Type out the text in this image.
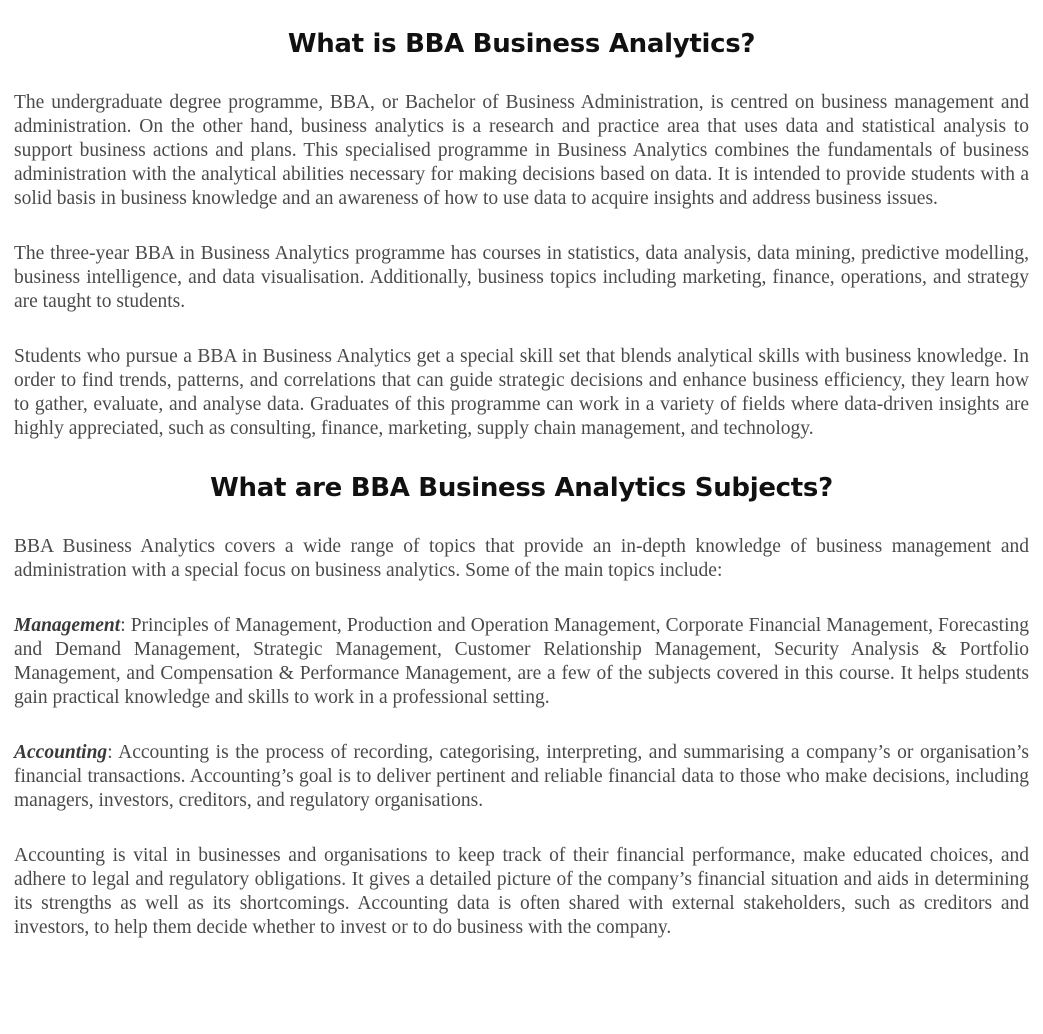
What is BBA Business Analytics?

The undergraduate degree programme, BBA, or Bachelor of Business Administration, is centred on business management and administration. On the other hand, business analytics is a research and practice area that uses data and statistical analysis to support business actions and plans. This specialised programme in Business Analytics combines the fundamentals of business administration with the analytical abilities necessary for making decisions based on data. It is intended to provide students with a solid basis in business knowledge and an awareness of how to use data to acquire insights and address business issues.

The three-year BBA in Business Analytics programme has courses in statistics, data analysis, data mining, predictive modelling, business intelligence, and data visualisation. Additionally, business topics including marketing, finance, operations, and strategy are taught to students.

Students who pursue a BBA in Business Analytics get a special skill set that blends analytical skills with business knowledge. In order to find trends, patterns, and correlations that can guide strategic decisions and enhance business efficiency, they learn how to gather, evaluate, and analyse data. Graduates of this programme can work in a variety of fields where data-driven insights are highly appreciated, such as consulting, finance, marketing, supply chain management, and technology.

What are BBA Business Analytics Subjects?

BBA Business Analytics covers a wide range of topics that provide an in-depth knowledge of business management and administration with a special focus on business analytics. Some of the main topics include:

Management: Principles of Management, Production and Operation Management, Corporate Financial Management, Forecasting and Demand Management, Strategic Management, Customer Relationship Management, Security Analysis & Portfolio Management, and Compensation & Performance Management, are a few of the subjects covered in this course. It helps students gain practical knowledge and skills to work in a professional setting.

Accounting: Accounting is the process of recording, categorising, interpreting, and summarising a company’s or organisation’s financial transactions. Accounting’s goal is to deliver pertinent and reliable financial data to those who make decisions, including managers, investors, creditors, and regulatory organisations.

Accounting is vital in businesses and organisations to keep track of their financial performance, make educated choices, and adhere to legal and regulatory obligations. It gives a detailed picture of the company’s financial situation and aids in determining its strengths as well as its shortcomings. Accounting data is often shared with external stakeholders, such as creditors and investors, to help them decide whether to invest or to do business with the company.
